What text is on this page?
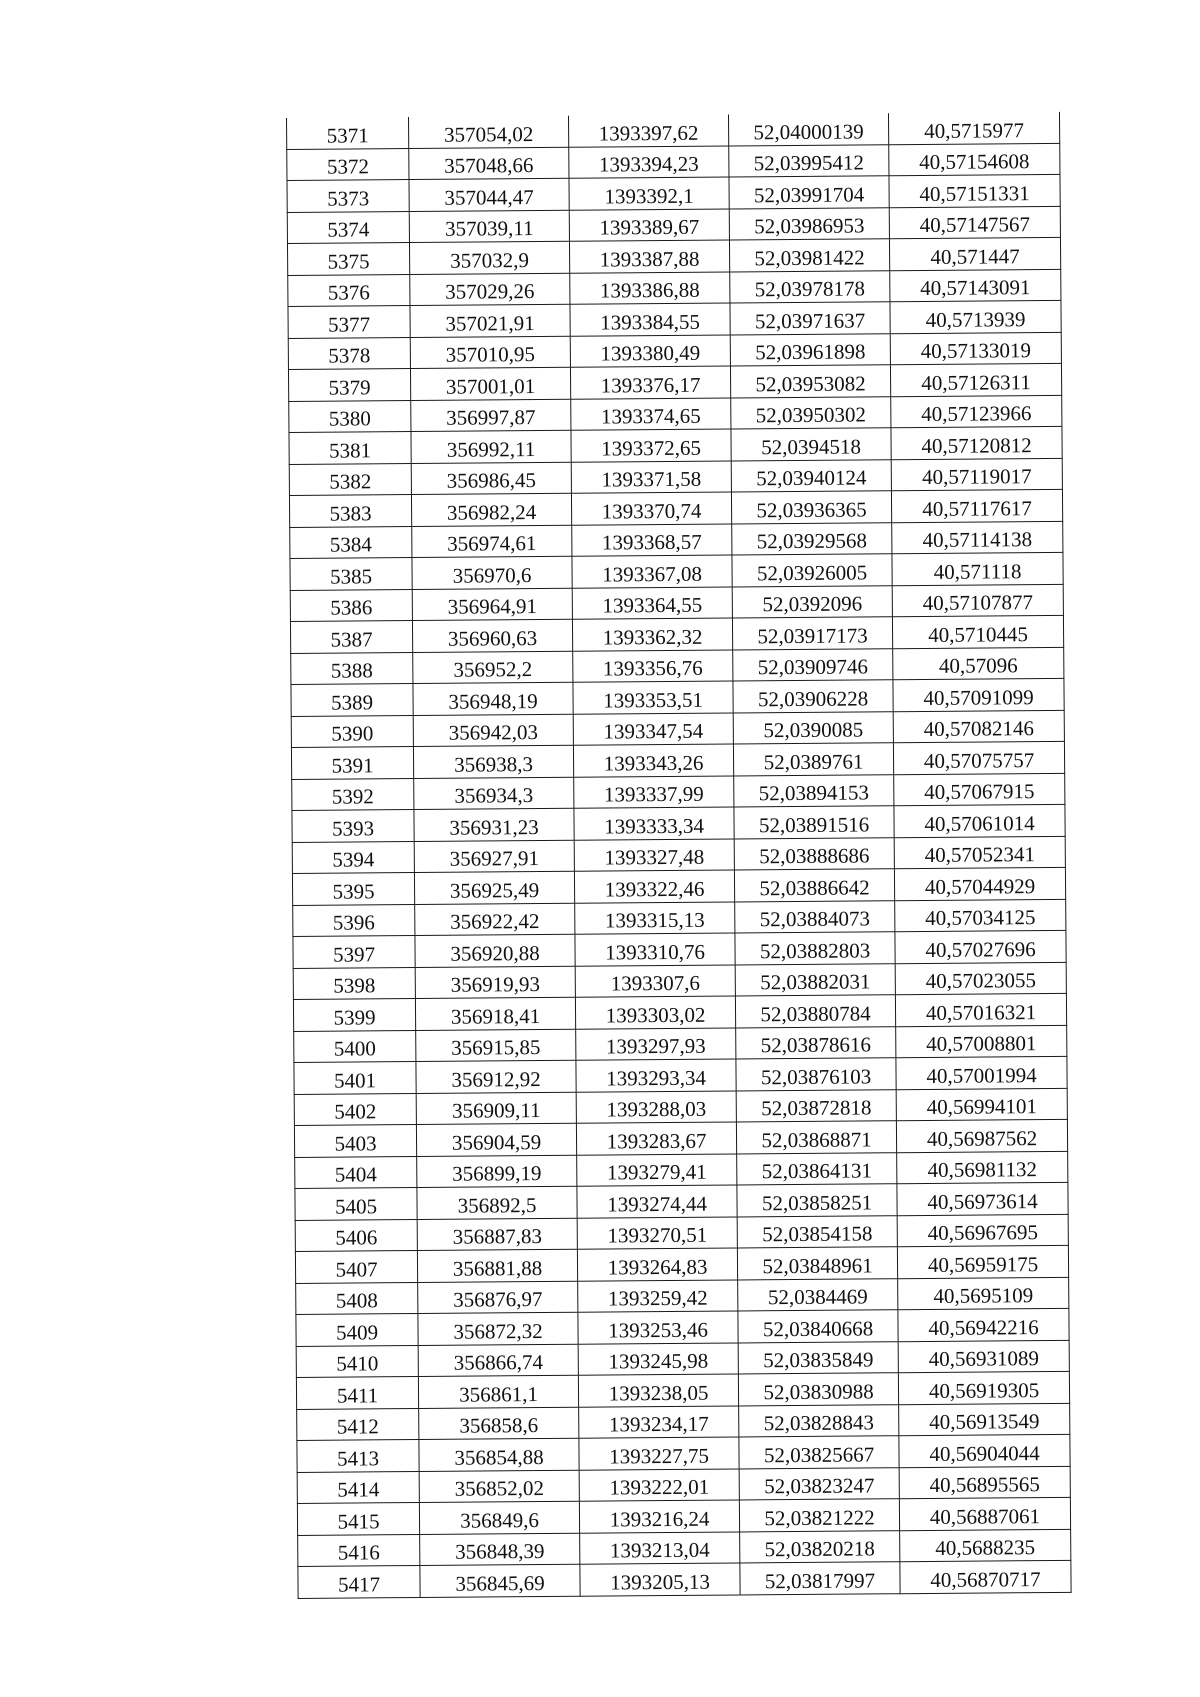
5371	357054,02	1393397,62	52,04000139	40,5715977
5372	357048,66	1393394,23	52,03995412	40,57154608
5373	357044,47	1393392,1	52,03991704	40,57151331
5374	357039,11	1393389,67	52,03986953	40,57147567
5375	357032,9	1393387,88	52,03981422	40,571447
5376	357029,26	1393386,88	52,03978178	40,57143091
5377	357021,91	1393384,55	52,03971637	40,5713939
5378	357010,95	1393380,49	52,03961898	40,57133019
5379	357001,01	1393376,17	52,03953082	40,57126311
5380	356997,87	1393374,65	52,03950302	40,57123966
5381	356992,11	1393372,65	52,0394518	40,57120812
5382	356986,45	1393371,58	52,03940124	40,57119017
5383	356982,24	1393370,74	52,03936365	40,57117617
5384	356974,61	1393368,57	52,03929568	40,57114138
5385	356970,6	1393367,08	52,03926005	40,571118
5386	356964,91	1393364,55	52,0392096	40,57107877
5387	356960,63	1393362,32	52,03917173	40,5710445
5388	356952,2	1393356,76	52,03909746	40,57096
5389	356948,19	1393353,51	52,03906228	40,57091099
5390	356942,03	1393347,54	52,0390085	40,57082146
5391	356938,3	1393343,26	52,0389761	40,57075757
5392	356934,3	1393337,99	52,03894153	40,57067915
5393	356931,23	1393333,34	52,03891516	40,57061014
5394	356927,91	1393327,48	52,03888686	40,57052341
5395	356925,49	1393322,46	52,03886642	40,57044929
5396	356922,42	1393315,13	52,03884073	40,57034125
5397	356920,88	1393310,76	52,03882803	40,57027696
5398	356919,93	1393307,6	52,03882031	40,57023055
5399	356918,41	1393303,02	52,03880784	40,57016321
5400	356915,85	1393297,93	52,03878616	40,57008801
5401	356912,92	1393293,34	52,03876103	40,57001994
5402	356909,11	1393288,03	52,03872818	40,56994101
5403	356904,59	1393283,67	52,03868871	40,56987562
5404	356899,19	1393279,41	52,03864131	40,56981132
5405	356892,5	1393274,44	52,03858251	40,56973614
5406	356887,83	1393270,51	52,03854158	40,56967695
5407	356881,88	1393264,83	52,03848961	40,56959175
5408	356876,97	1393259,42	52,0384469	40,5695109
5409	356872,32	1393253,46	52,03840668	40,56942216
5410	356866,74	1393245,98	52,03835849	40,56931089
5411	356861,1	1393238,05	52,03830988	40,56919305
5412	356858,6	1393234,17	52,03828843	40,56913549
5413	356854,88	1393227,75	52,03825667	40,56904044
5414	356852,02	1393222,01	52,03823247	40,56895565
5415	356849,6	1393216,24	52,03821222	40,56887061
5416	356848,39	1393213,04	52,03820218	40,5688235
5417	356845,69	1393205,13	52,03817997	40,56870717
